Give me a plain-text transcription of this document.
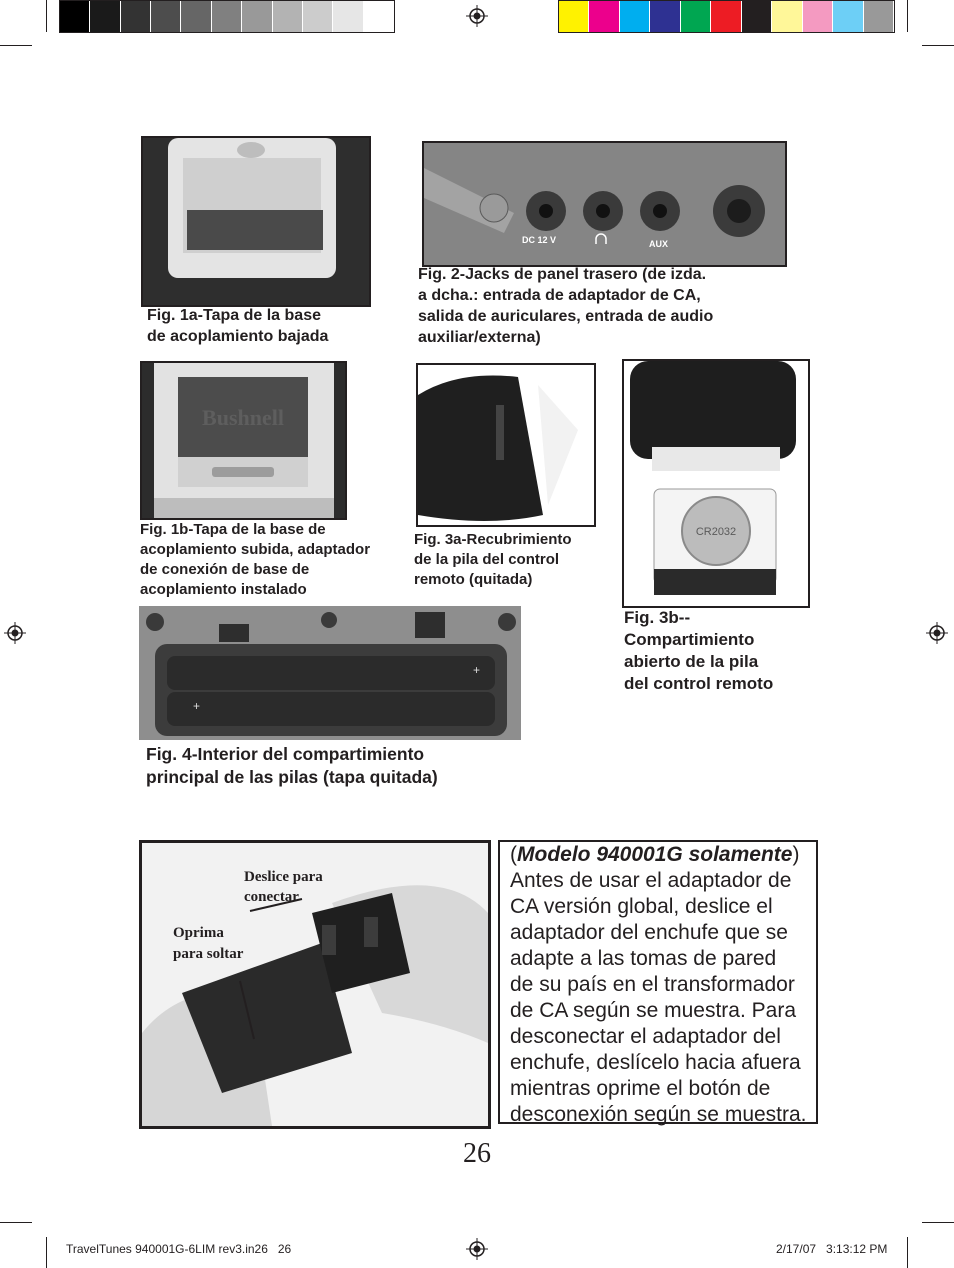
Fig. 1a-Tapa de la base
de acoplamiento bajada
DC 12 V	AUX
Fig. 2-Jacks de panel trasero (de izda.
a dcha.: entrada de adaptador de CA,
salida de auriculares, entrada de audio
auxiliar/externa)
Bushnell
Fig. 1b-Tapa de la base de
acoplamiento subida, adaptador
de conexión de base de
acoplamiento instalado
Fig. 3a-Recubrimiento
de la pila del control
remoto (quitada)
CR2032
Fig. 3b--
Compartimiento
abierto de la pila
del control remoto
+
+
Fig. 4-Interior del compartimiento
principal de las pilas (tapa quitada)
Deslice para
conectar
Oprima
para soltar
(Modelo 940001G solamente)
Antes de usar el adaptador de
CA versión global, deslice el
adaptador del enchufe que se
adapte a las tomas de pared
de su país en el transformador
de CA según se muestra. Para
desconectar el adaptador del
enchufe, deslícelo hacia afuera
mientras oprime el botón de
desconexión según se muestra.
26
TravelTunes 940001G-6LIM rev3.in26   26	2/17/07   3:13:12 PM
